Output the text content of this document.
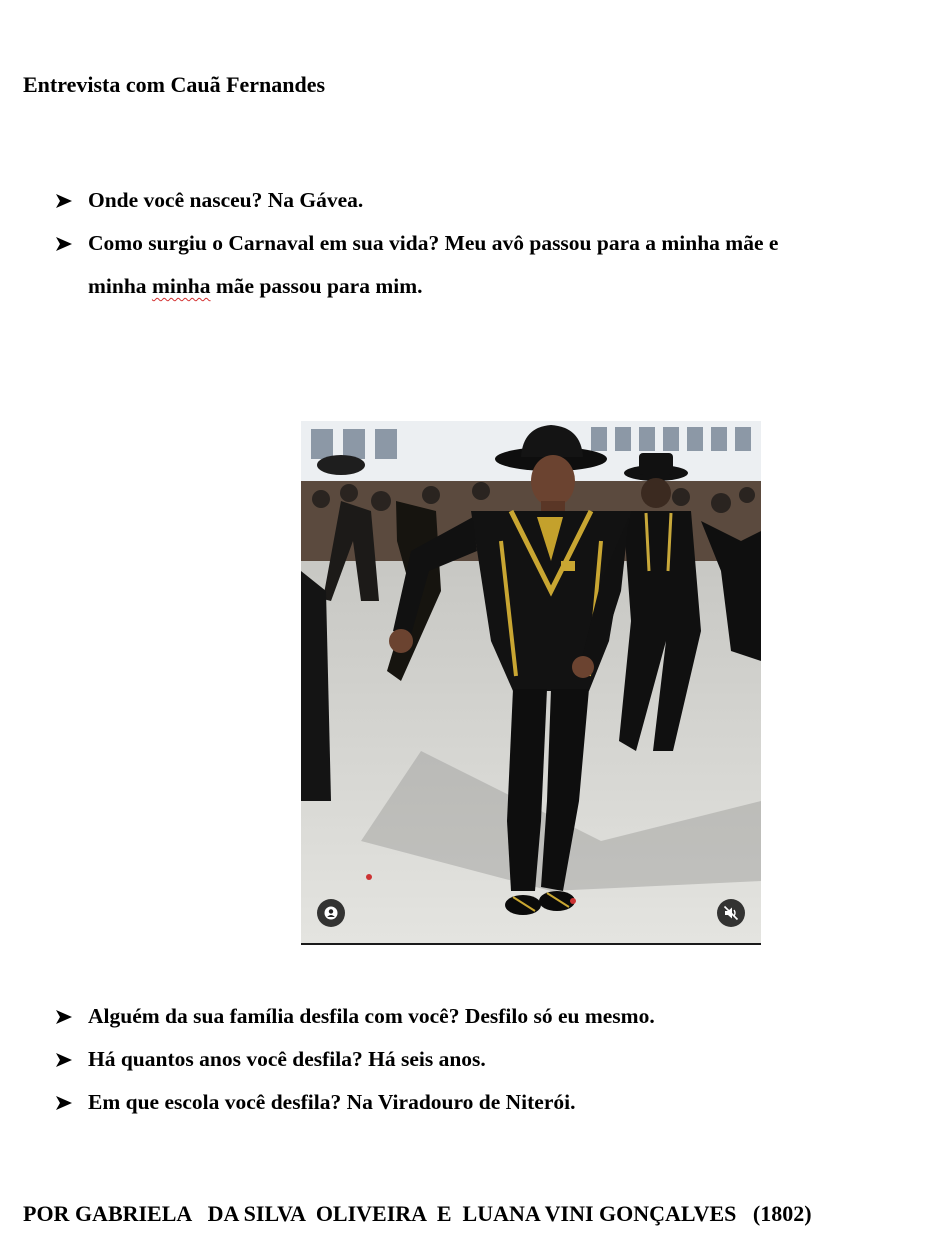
Entrevista com Cauã Fernandes
Onde você nasceu? Na Gávea.
Como surgiu o Carnaval em sua vida? Meu avô passou para a minha mãe e
minha minha mãe passou para mim.
Alguém da sua família desfila com você? Desfilo só eu mesmo.
Há quantos anos você desfila? Há seis anos.
Em que escola você desfila? Na Viradouro de Niterói.
POR GABRIELA   DA SILVA  OLIVEIRA  E  LUANA VINI GONÇALVES   (1802)
